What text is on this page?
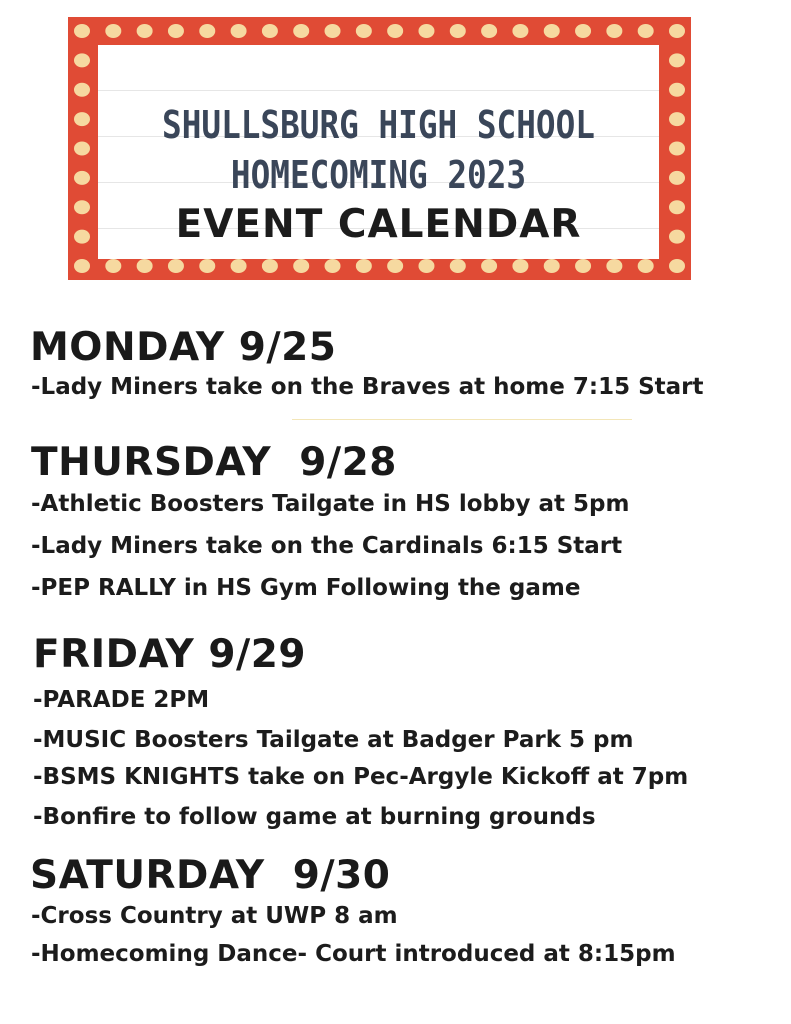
SHULLSBURG HIGH SCHOOL
HOMECOMING 2023
EVENT CALENDAR
MONDAY 9/25
-Lady Miners take on the Braves at home 7:15 Start
THURSDAY  9/28
-Athletic Boosters Tailgate in HS lobby at 5pm
-Lady Miners take on the Cardinals 6:15 Start
-PEP RALLY in HS Gym Following the game
FRIDAY 9/29
-PARADE 2PM
-MUSIC Boosters Tailgate at Badger Park 5 pm
-BSMS KNIGHTS take on Pec-Argyle Kickoff at 7pm
-Bonfire to follow game at burning grounds
SATURDAY  9/30
-Cross Country at UWP 8 am
-Homecoming Dance- Court introduced at 8:15pm
